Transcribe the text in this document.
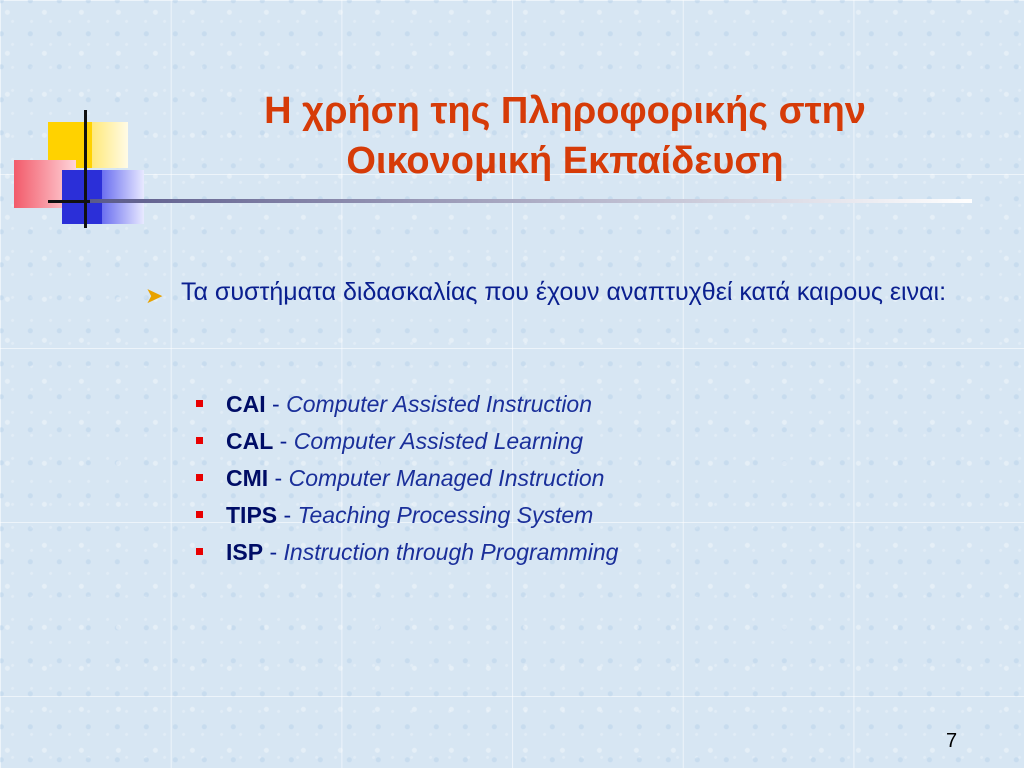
Η χρήση της Πληροφορικής στην
Οικονομική Εκπαίδευση
➤ Τα συστήματα διδασκαλίας που έχουν αναπτυχθεί κατά καιρους ειναι:
CAI - Computer Assisted Instruction
CAL - Computer Assisted Learning
CMI - Computer Managed Instruction
TIPS - Teaching Processing System
ISP - Instruction through Programming
7
